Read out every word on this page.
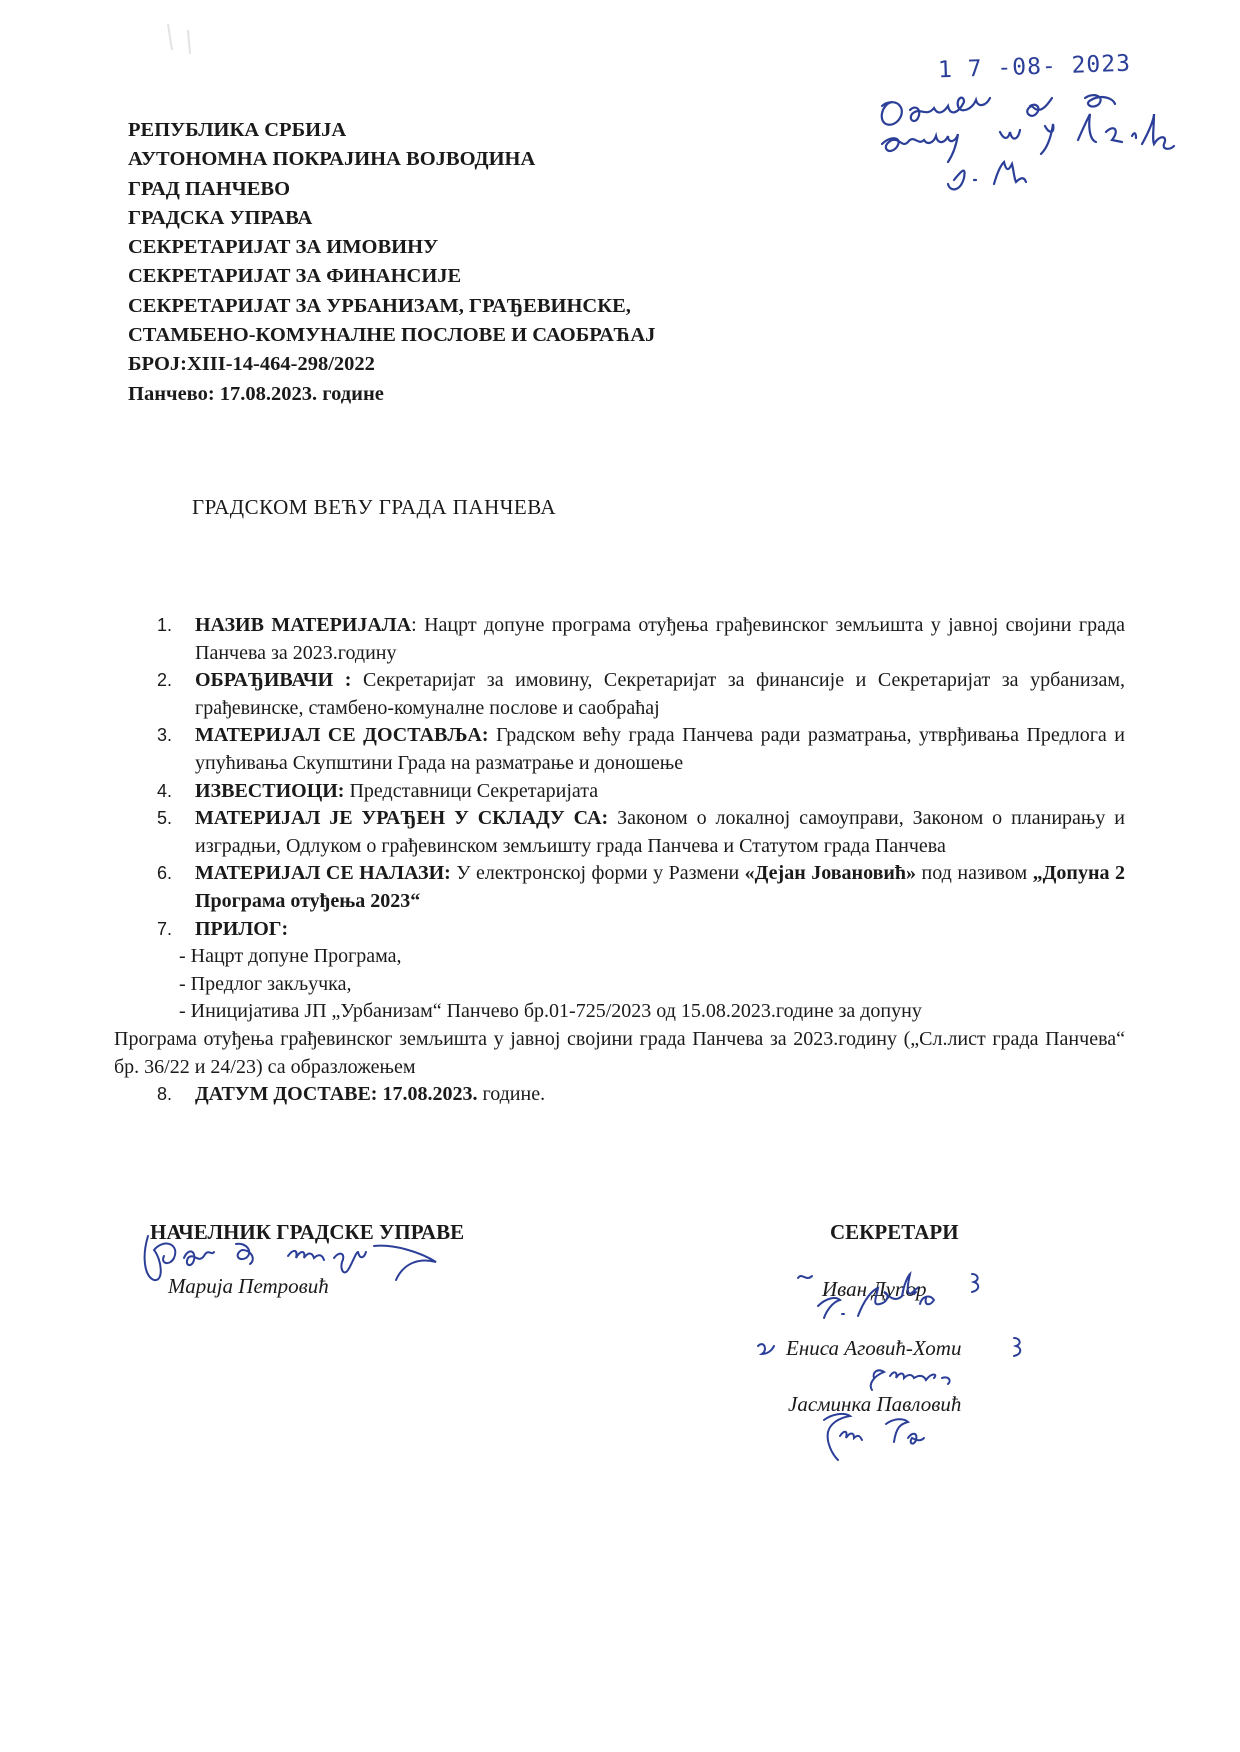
1 7 -08- 2023
РЕПУБЛИКА СРБИЈА
АУТОНОМНА ПОКРАЈИНА ВОЈВОДИНА
ГРАД ПАНЧЕВО
ГРАДСКА УПРАВА
СЕКРЕТАРИЈАТ ЗА ИМОВИНУ
СЕКРЕТАРИЈАТ ЗА ФИНАНСИЈЕ
СЕКРЕТАРИЈАТ ЗА УРБАНИЗАМ, ГРАЂЕВИНСКЕ,
СТАМБЕНО-КОМУНАЛНЕ ПОСЛОВЕ И САОБРАЋАЈ
БРОЈ:XIII-14-464-298/2022
Панчево: 17.08.2023. године
ГРАДСКОМ ВЕЋУ ГРАДА ПАНЧЕВА
1. НАЗИВ МАТЕРИЈАЛА: Нацрт допуне програма отуђења грађевинског земљишта у јавној својини града Панчева за 2023.годину
2. ОБРАЂИВАЧИ : Секретаријат за имовину, Секретаријат за финансије и Секретаријат за урбанизам, грађевинске, стамбено-комуналне послове и саобраћај
3. МАТЕРИЈАЛ СЕ ДОСТАВЉА: Градском већу града Панчева ради разматрања, утврђивања Предлога и упућивања Скупштини Града на разматрање и доношење
4. ИЗВЕСТИОЦИ: Представници Секретаријата
5. МАТЕРИЈАЛ ЈЕ УРАЂЕН У СКЛАДУ СА: Законом о локалној самоуправи, Законом о планирању и изградњи, Одлуком о грађевинском земљишту града Панчева и Статутом града Панчева
6. МАТЕРИЈАЛ СЕ НАЛАЗИ: У електронској форми у Размени «Дејан Јовановић» под називом „Допуна 2 Програма отуђења 2023“
7. ПРИЛОГ:
- Нацрт допуне Програма,
- Предлог закључка,
- Иницијатива ЈП „Урбанизам“ Панчево бр.01-725/2023 од 15.08.2023.године за допуну
Програма отуђења грађевинског земљишта у јавној својини града Панчева за 2023.годину („Сл.лист града Панчева“ бр. 36/22 и 24/23) са образложењем
8. ДАТУМ ДОСТАВЕ: 17.08.2023. године.
НАЧЕЛНИК ГРАДСКЕ УПРАВЕ
Марија Петровић
СЕКРЕТАРИ
Иван Дупор
Ениса Аговић-Хоти
Јасминка Павловић
